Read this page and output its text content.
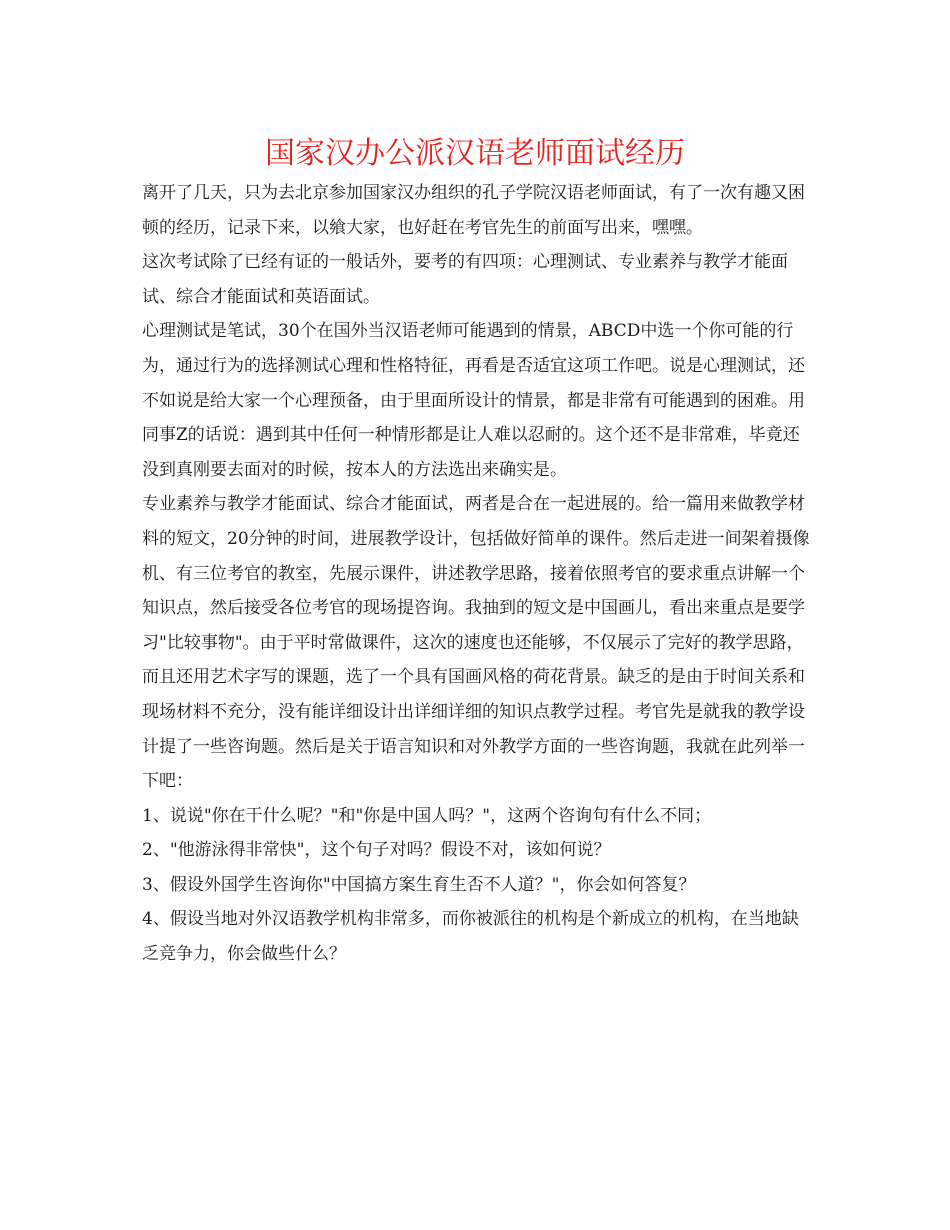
国家汉办公派汉语老师面试经历

离开了几天，只为去北京参加国家汉办组织的孔子学院汉语老师面试，有了一次有趣又困顿的经历，记录下来，以飨大家，也好赶在考官先生的前面写出来，嘿嘿。

这次考试除了已经有证的一般话外，要考的有四项：心理测试、专业素养与教学才能面试、综合才能面试和英语面试。

心理测试是笔试，30个在国外当汉语老师可能遇到的情景，ABCD中选一个你可能的行为，通过行为的选择测试心理和性格特征，再看是否适宜这项工作吧。说是心理测试，还不如说是给大家一个心理预备，由于里面所设计的情景，都是非常有可能遇到的困难。用同事Z的话说：遇到其中任何一种情形都是让人难以忍耐的。这个还不是非常难，毕竟还没到真刚要去面对的时候，按本人的方法选出来确实是。

专业素养与教学才能面试、综合才能面试，两者是合在一起进展的。给一篇用来做教学材料的短文，20分钟的时间，进展教学设计，包括做好简单的课件。然后走进一间架着摄像机、有三位考官的教室，先展示课件，讲述教学思路，接着依照考官的要求重点讲解一个知识点，然后接受各位考官的现场提咨询。我抽到的短文是中国画儿，看出来重点是要学习"比较事物"。由于平时常做课件，这次的速度也还能够，不仅展示了完好的教学思路，而且还用艺术字写的课题，选了一个具有国画风格的荷花背景。缺乏的是由于时间关系和现场材料不充分，没有能详细设计出详细详细的知识点教学过程。考官先是就我的教学设计提了一些咨询题。然后是关于语言知识和对外教学方面的一些咨询题，我就在此列举一下吧：

1、说说"你在干什么呢？"和"你是中国人吗？"，这两个咨询句有什么不同；

2、"他游泳得非常快"，这个句子对吗？假设不对，该如何说？

3、假设外国学生咨询你"中国搞方案生育生否不人道？"，你会如何答复？

4、假设当地对外汉语教学机构非常多，而你被派往的机构是个新成立的机构，在当地缺乏竞争力，你会做些什么？
